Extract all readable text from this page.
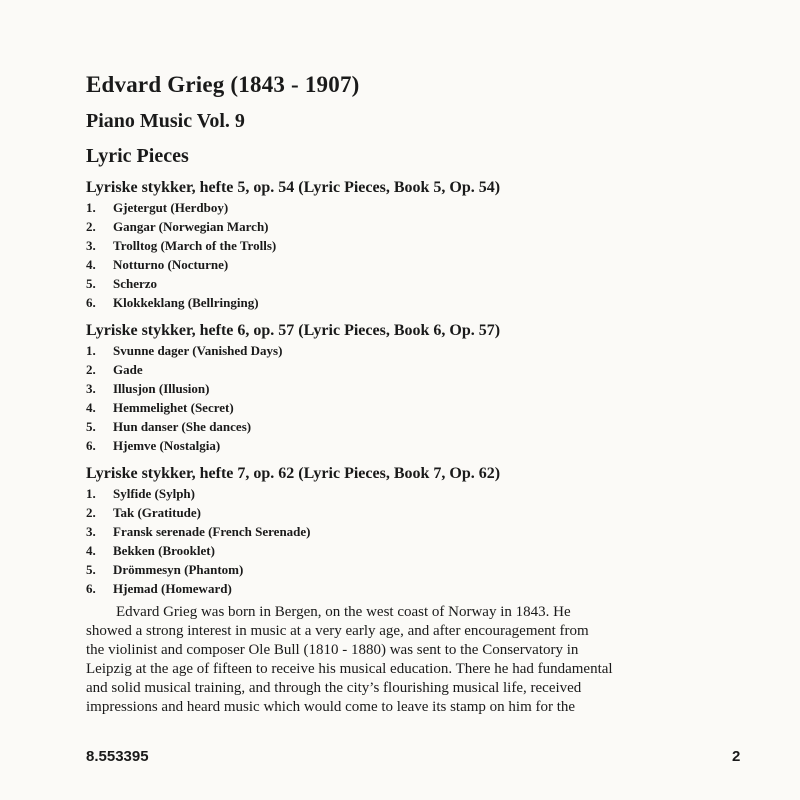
Edvard Grieg (1843 - 1907)
Piano Music Vol. 9
Lyric Pieces
Lyriske stykker, hefte 5, op. 54 (Lyric Pieces, Book 5, Op. 54)
1. Gjetergut (Herdboy)
2. Gangar (Norwegian March)
3. Trolltog (March of the Trolls)
4. Notturno (Nocturne)
5. Scherzo
6. Klokkeklang (Bellringing)
Lyriske stykker, hefte 6, op. 57 (Lyric Pieces, Book 6, Op. 57)
1. Svunne dager (Vanished Days)
2. Gade
3. Illusjon (Illusion)
4. Hemmelighet (Secret)
5. Hun danser (She dances)
6. Hjemve (Nostalgia)
Lyriske stykker, hefte 7, op. 62 (Lyric Pieces, Book 7, Op. 62)
1. Sylfide (Sylph)
2. Tak (Gratitude)
3. Fransk serenade (French Serenade)
4. Bekken (Brooklet)
5. Drömmesyn (Phantom)
6. Hjemad (Homeward)
Edvard Grieg was born in Bergen, on the west coast of Norway in 1843. He
showed a strong interest in music at a very early age, and after encouragement from
the violinist and composer Ole Bull (1810 - 1880) was sent to the Conservatory in
Leipzig at the age of fifteen to receive his musical education. There he had fundamental
and solid musical training, and through the city’s flourishing musical life, received
impressions and heard music which would come to leave its stamp on him for the
8.553395	2
